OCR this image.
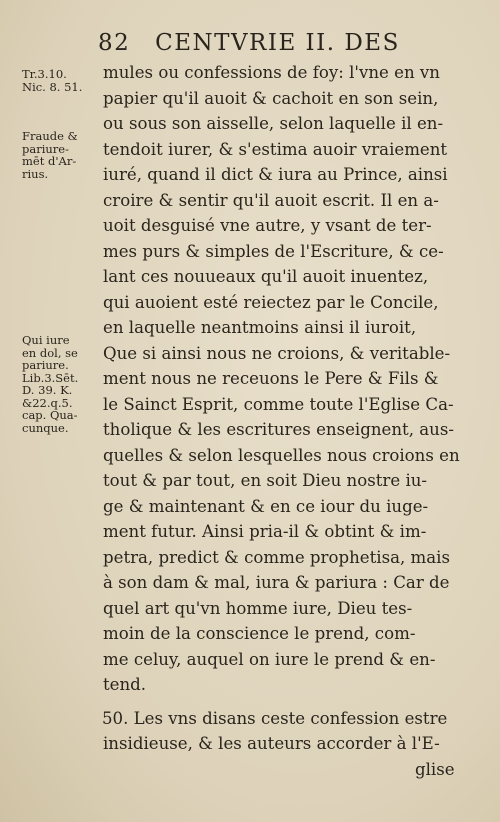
82 CENTVRIE II. DES
Tr.3.10.
Nic. 8. 51.
Fraude &
pariure-
mēt d'Ar-
rius.
Qui iure
en dol, se
pariure.
Lib.3.Sēt.
D. 39. K.
&22.q.5.
cap. Qua-
cunque.
mules ou confessions de foy: l'vne en vn
papier qu'il auoit & cachoit en son sein,
ou sous son aisselle, selon laquelle il en-
tendoit iurer, & s'estima auoir vraiement
iuré, quand il dict & iura au Prince, ainsi
croire & sentir qu'il auoit escrit. Il en a-
uoit desguisé vne autre, y vsant de ter-
mes purs & simples de l'Escriture, & ce-
lant ces nouueaux qu'il auoit inuentez,
qui auoient esté reiectez par le Concile,
en laquelle neantmoins ainsi il iuroit,
Que si ainsi nous ne croions, & veritable-
ment nous ne receuons le Pere & Fils &
le Sainct Esprit, comme toute l'Eglise Ca-
tholique & les escritures enseignent, aus-
quelles & selon lesquelles nous croions en
tout & par tout, en soit Dieu nostre iu-
ge & maintenant & en ce iour du iuge-
ment futur. Ainsi pria-il & obtint & im-
petra, predict & comme prophetisa, mais
à son dam & mal, iura & pariura : Car de
quel art qu'vn homme iure, Dieu tes-
moin de la conscience le prend, com-
me celuy, auquel on iure le prend & en-
tend.
50. Les vns disans ceste confession estre
insidieuse, & les auteurs accorder à l'E-
glise
